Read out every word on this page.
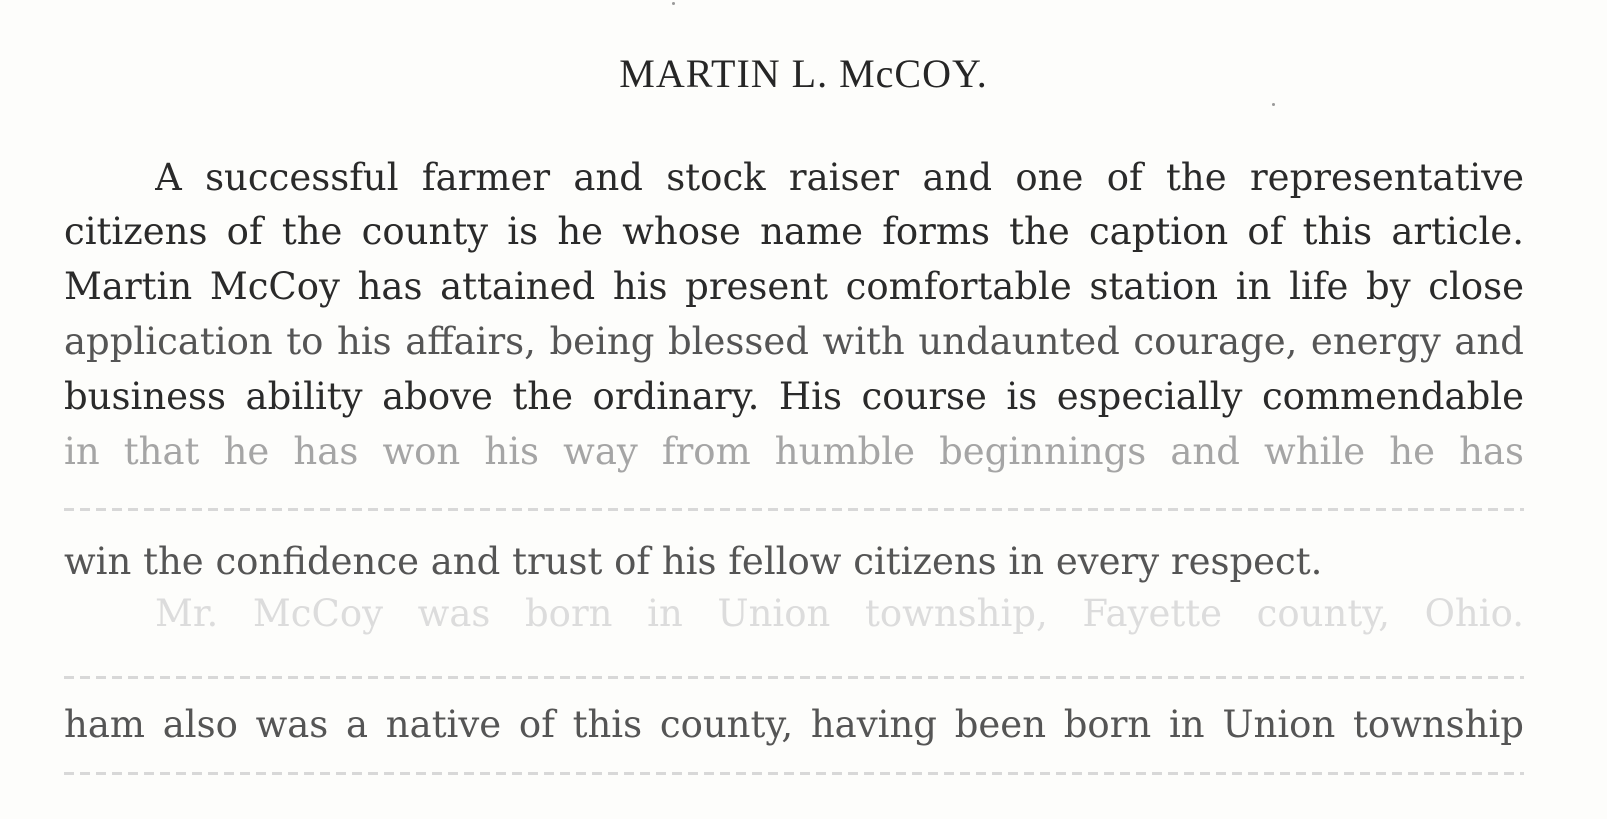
MARTIN L. McCOY.
A successful farmer and stock raiser and one of the representative
citizens of the county is he whose name forms the caption of this article.
Martin McCoy has attained his present comfortable station in life by close
application to his affairs, being blessed with undaunted courage, energy and
business ability above the ordinary. His course is especially commendable
in that he has won his way from humble beginnings and while he has
win the confidence and trust of his fellow citizens in every respect.
Mr. McCoy was born in Union township, Fayette county, Ohio.
ham also was a native of this county, having been born in Union township
